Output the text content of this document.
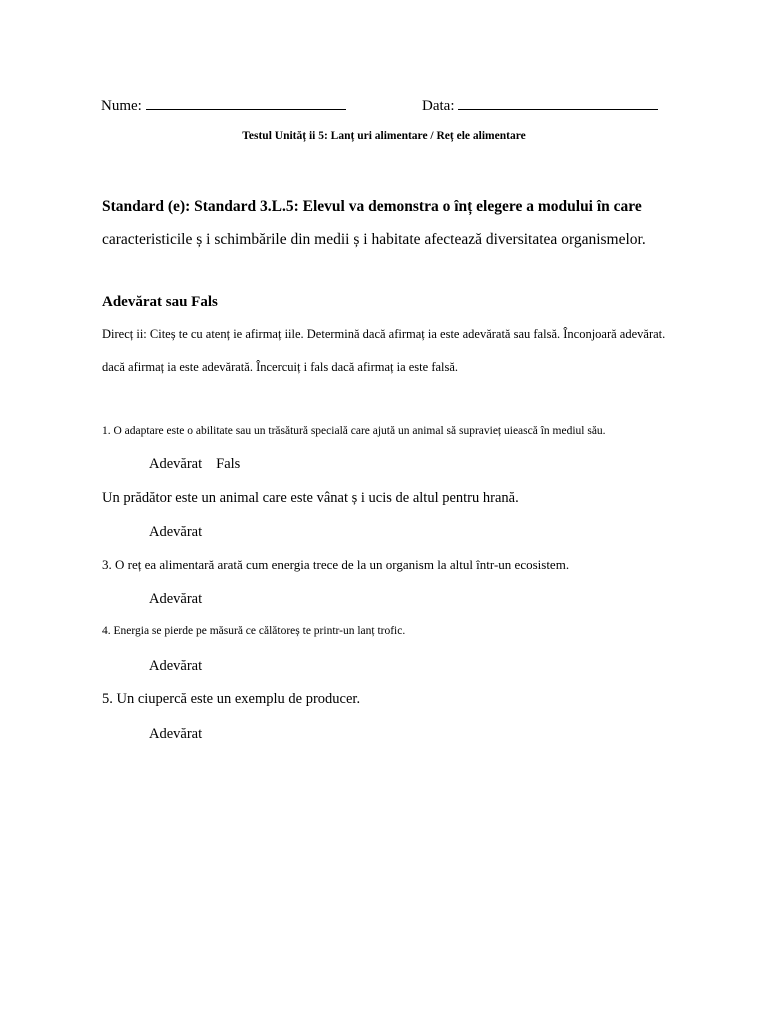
Nume:	Data:
Testul Unităț ii 5: Lanț uri alimentare / Reț ele alimentare
Standard (e): Standard 3.L.5: Elevul va demonstra o înț elegere a modului în care
caracteristicile ș i schimbările din medii ș i habitate afectează diversitatea organismelor.
Adevărat sau Fals
Direcț ii: Citeș te cu atenț ie afirmaț iile. Determină dacă afirmaț ia este adevărată sau falsă. Înconjoară adevărat.
dacă afirmaț ia este adevărată. Încercuiț i fals dacă afirmaț ia este falsă.
1. O adaptare este o abilitate sau un trăsătură specială care ajută un animal să supravieț uiească în mediul său.
Adevărat Fals
Un prădător este un animal care este vânat ș i ucis de altul pentru hrană.
Adevărat
3. O reț ea alimentară arată cum energia trece de la un organism la altul într-un ecosistem.
Adevărat
4. Energia se pierde pe măsură ce călătoreș te printr-un lanț trofic.
Adevărat
5. Un ciupercă este un exemplu de producer.
Adevărat
